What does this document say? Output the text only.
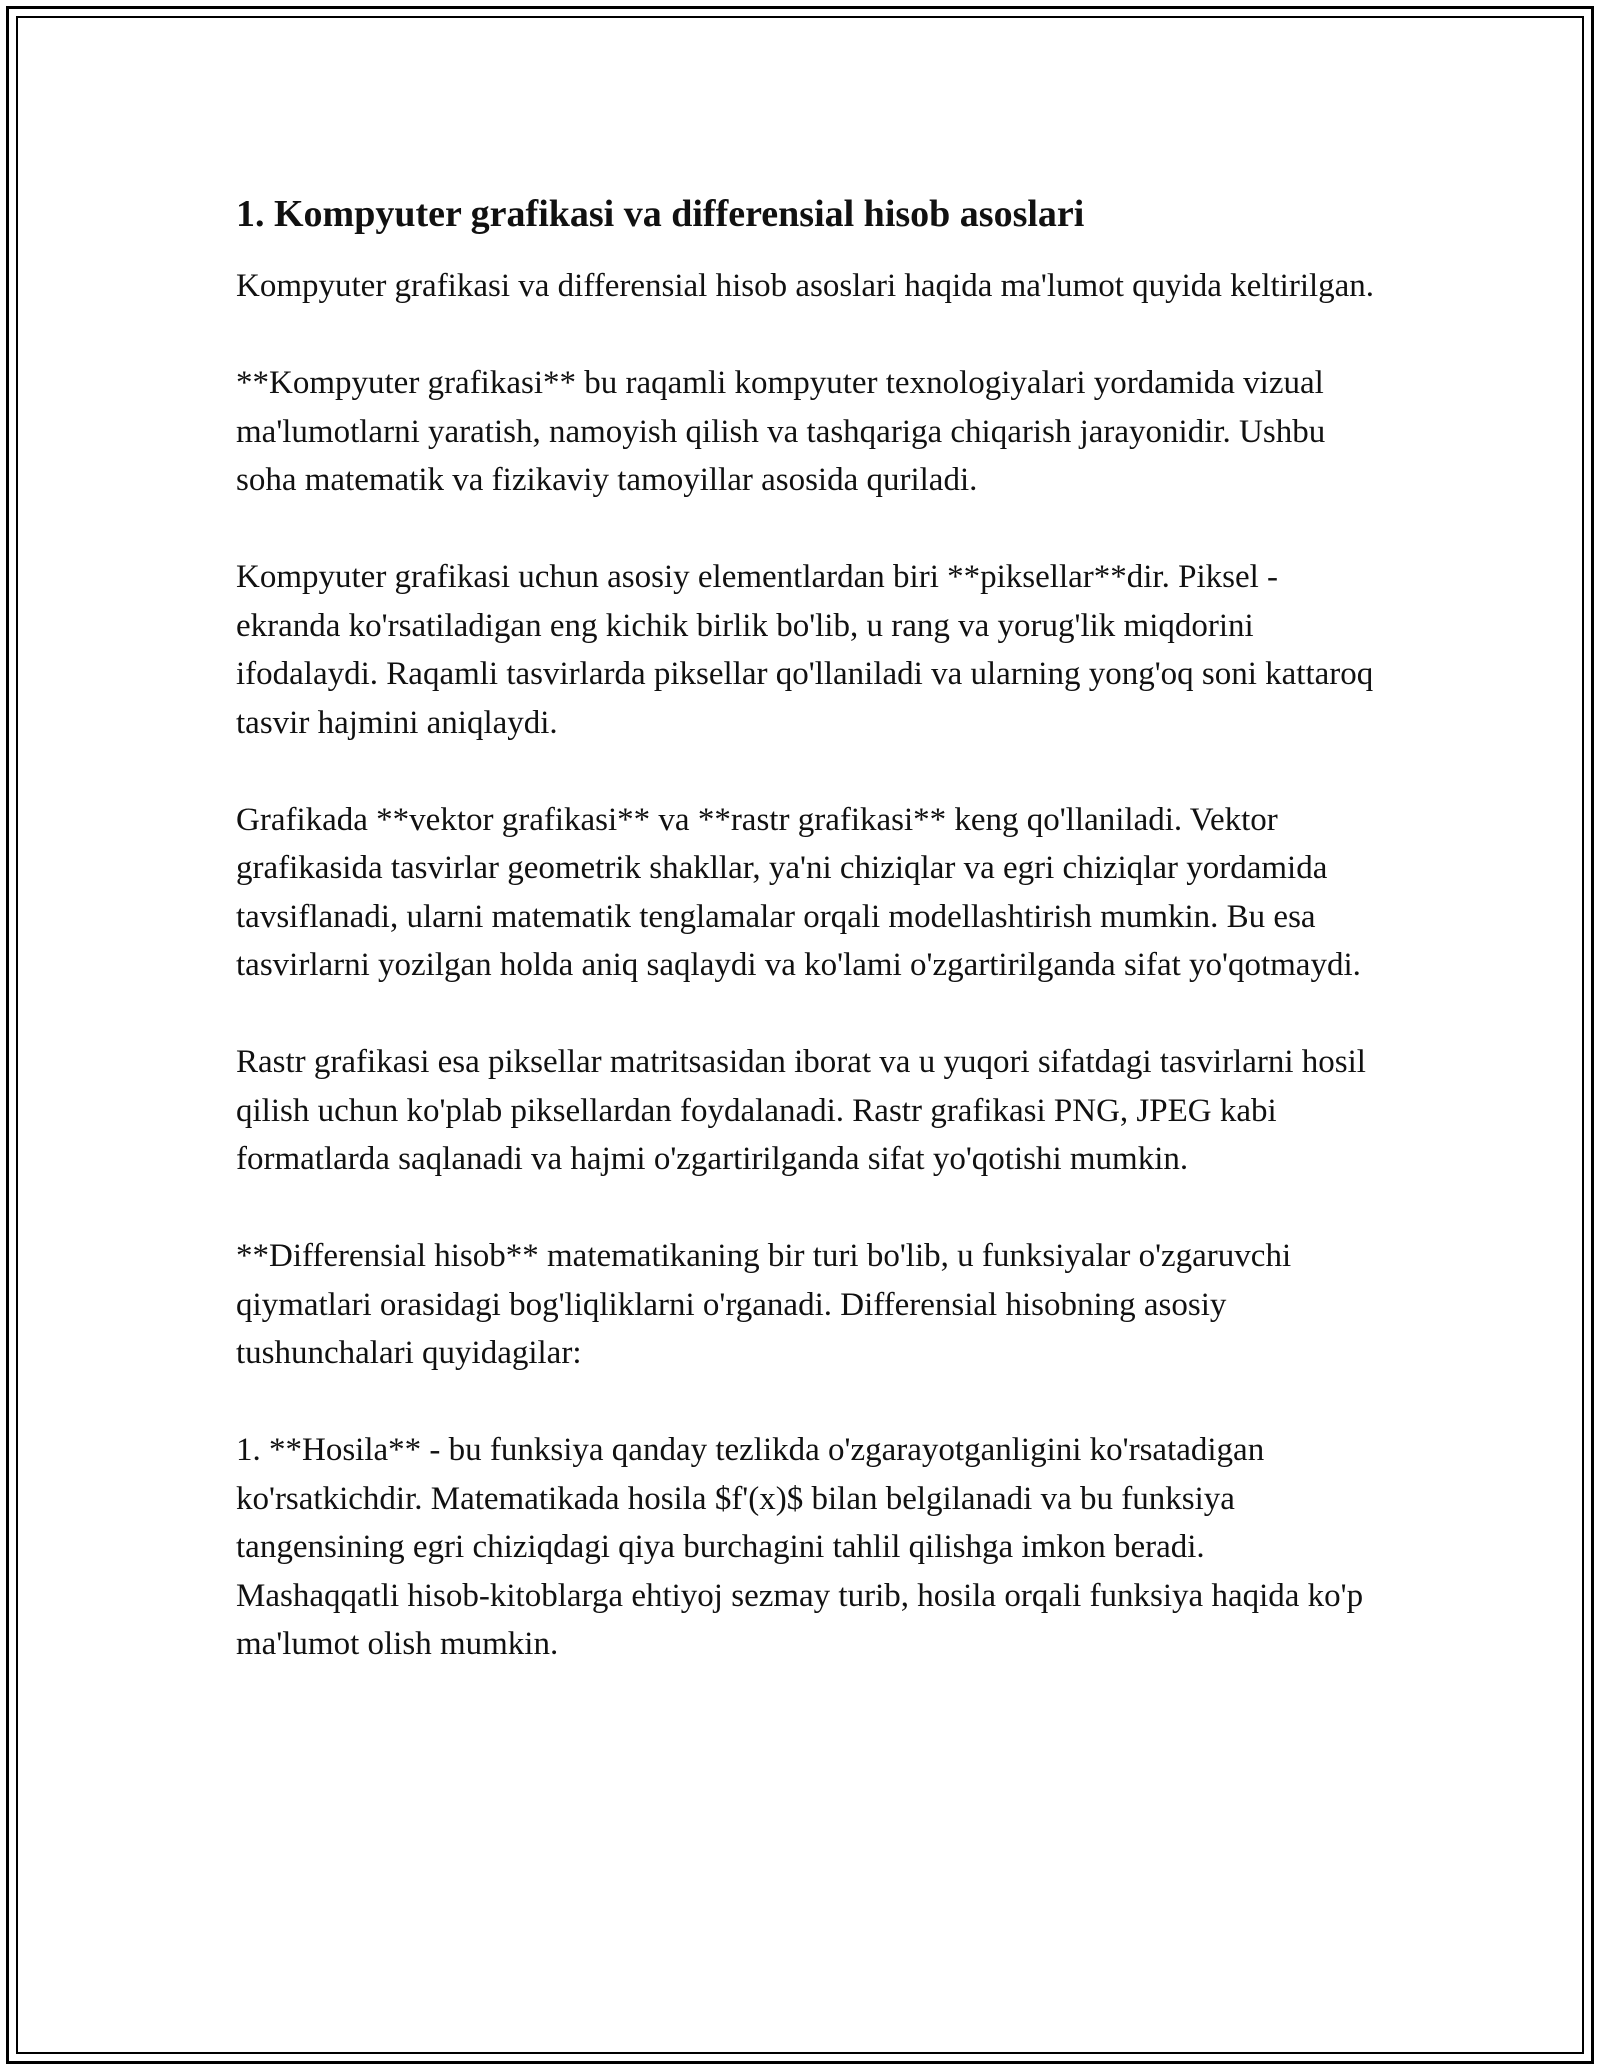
1. Kompyuter grafikasi va differensial hisob asoslari

Kompyuter grafikasi va differensial hisob asoslari haqida ma'lumot quyida keltirilgan.

**Kompyuter grafikasi** bu raqamli kompyuter texnologiyalari yordamida vizual ma'lumotlarni yaratish, namoyish qilish va tashqariga chiqarish jarayonidir. Ushbu soha matematik va fizikaviy tamoyillar asosida quriladi.

Kompyuter grafikasi uchun asosiy elementlardan biri **piksellar**dir. Piksel - ekranda ko'rsatiladigan eng kichik birlik bo'lib, u rang va yorug'lik miqdorini ifodalaydi. Raqamli tasvirlarda piksellar qo'llaniladi va ularning yong'oq soni kattaroq tasvir hajmini aniqlaydi.

Grafikada **vektor grafikasi** va **rastr grafikasi** keng qo'llaniladi. Vektor grafikasida tasvirlar geometrik shakllar, ya'ni chiziqlar va egri chiziqlar yordamida tavsiflanadi, ularni matematik tenglamalar orqali modellashtirish mumkin. Bu esa tasvirlarni yozilgan holda aniq saqlaydi va ko'lami o'zgartirilganda sifat yo'qotmaydi.

Rastr grafikasi esa piksellar matritsasidan iborat va u yuqori sifatdagi tasvirlarni hosil qilish uchun ko'plab piksellardan foydalanadi. Rastr grafikasi PNG, JPEG kabi formatlarda saqlanadi va hajmi o'zgartirilganda sifat yo'qotishi mumkin.

**Differensial hisob** matematikaning bir turi bo'lib, u funksiyalar o'zgaruvchi qiymatlari orasidagi bog'liqliklarni o'rganadi. Differensial hisobning asosiy tushunchalari quyidagilar:

1. **Hosila** - bu funksiya qanday tezlikda o'zgarayotganligini ko'rsatadigan ko'rsatkichdir. Matematikada hosila $f'(x)$ bilan belgilanadi va bu funksiya tangensining egri chiziqdagi qiya burchagini tahlil qilishga imkon beradi. Mashaqqatli hisob-kitoblarga ehtiyoj sezmay turib, hosila orqali funksiya haqida ko'p ma'lumot olish mumkin.
